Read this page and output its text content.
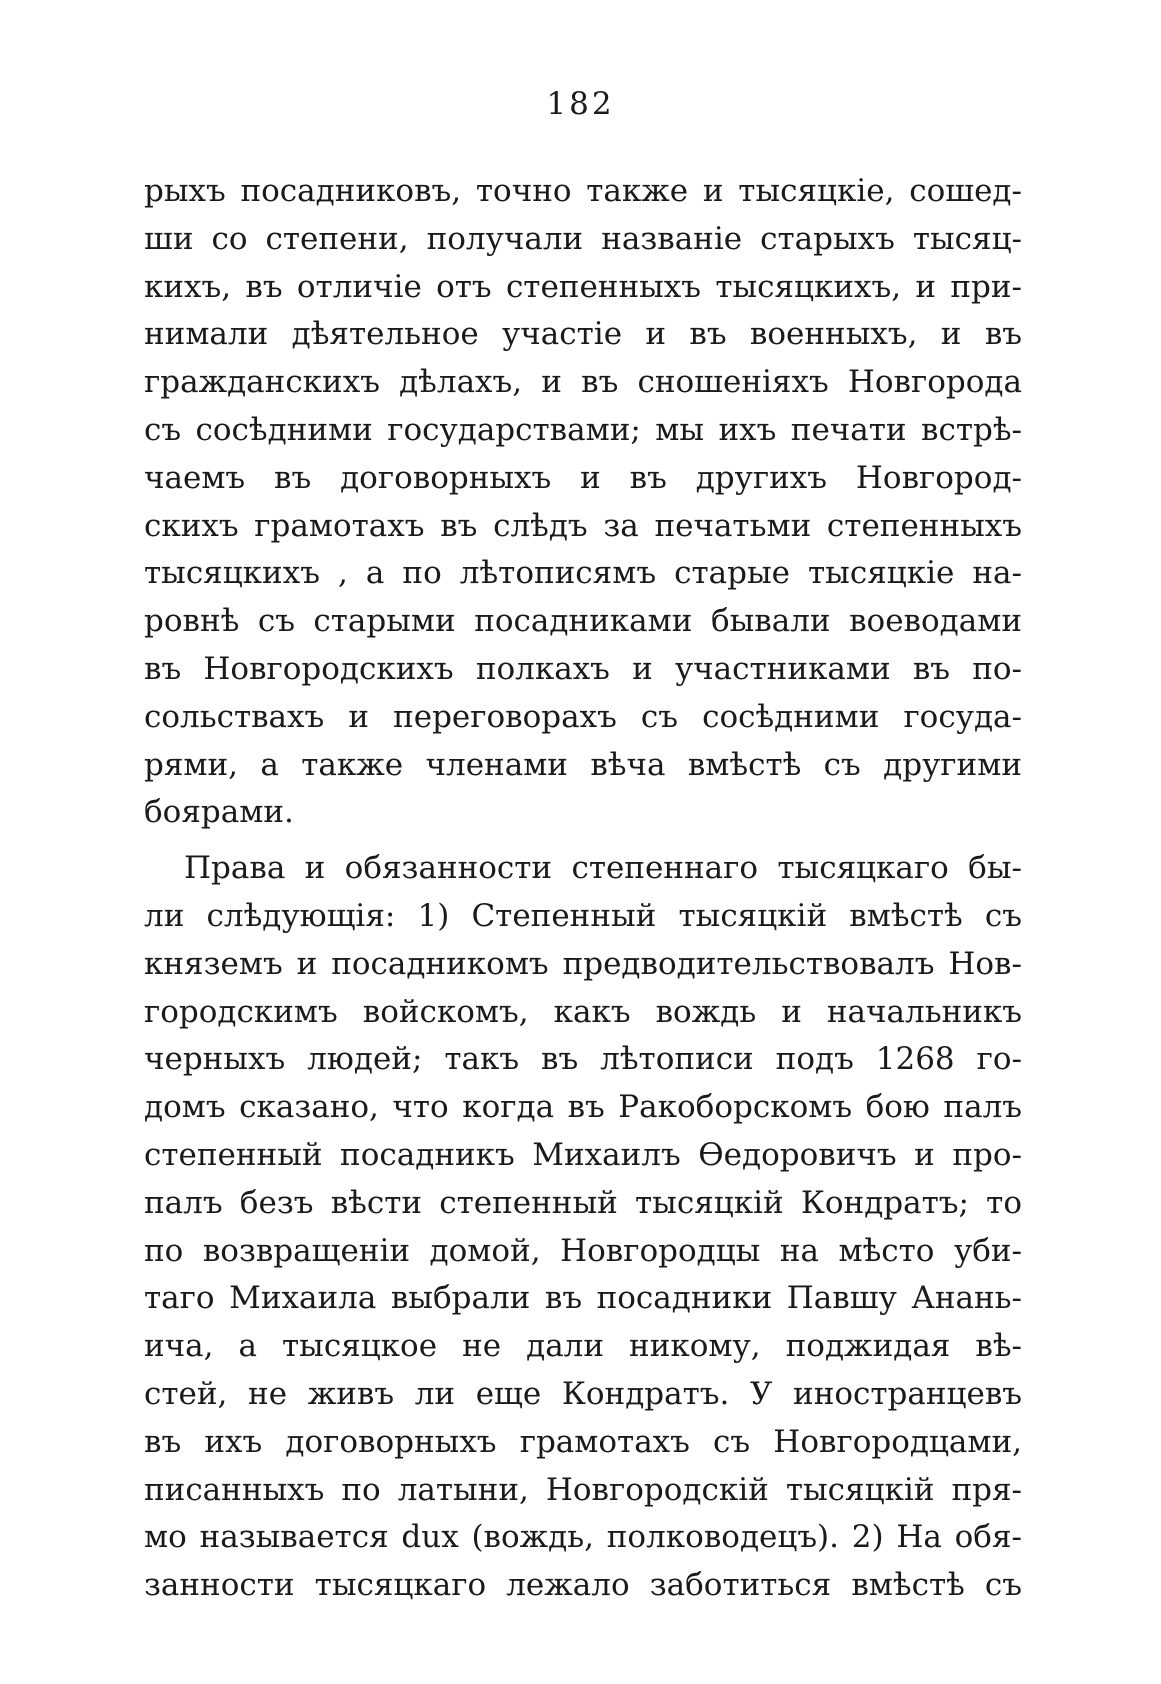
182
рыхъ посадниковъ, точно также и тысяцкіе, сошед-
ши со степени, получали названіе старыхъ тысяц-
кихъ, въ отличіе отъ степенныхъ тысяцкихъ, и при-
нимали дѣятельное участіе и въ военныхъ, и въ
гражданскихъ дѣлахъ, и въ сношеніяхъ Новгорода
съ сосѣдними государствами; мы ихъ печати встрѣ-
чаемъ въ договорныхъ и въ другихъ Новгород-
скихъ грамотахъ въ слѣдъ за печатьми степенныхъ
тысяцкихъ , а по лѣтописямъ старые тысяцкіе на-
ровнѣ съ старыми посадниками бывали воеводами
въ Новгородскихъ полкахъ и участниками въ по-
сольствахъ и переговорахъ съ сосѣдними госуда-
рями, а также членами вѣча вмѣстѣ съ другими
боярами.
Права и обязанности степеннаго тысяцкаго бы-
ли слѣдующія: 1) Степенный тысяцкій вмѣстѣ съ
княземъ и посадникомъ предводительствовалъ Нов-
городскимъ войскомъ, какъ вождь и начальникъ
черныхъ людей; такъ въ лѣтописи подъ 1268 го-
домъ сказано, что когда въ Ракоборскомъ бою палъ
степенный посадникъ Михаилъ Ѳедоровичъ и про-
палъ безъ вѣсти степенный тысяцкій Кондратъ; то
по возвращеніи домой, Новгородцы на мѣсто уби-
таго Михаила выбрали въ посадники Павшу Анань-
ича, а тысяцкое не дали никому, поджидая вѣ-
стей, не живъ ли еще Кондратъ. У иностранцевъ
въ ихъ договорныхъ грамотахъ съ Новгородцами,
писанныхъ по латыни, Новгородскій тысяцкій пря-
мо называется dux (вождь, полководецъ). 2) На обя-
занности тысяцкаго лежало заботиться вмѣстѣ съ
